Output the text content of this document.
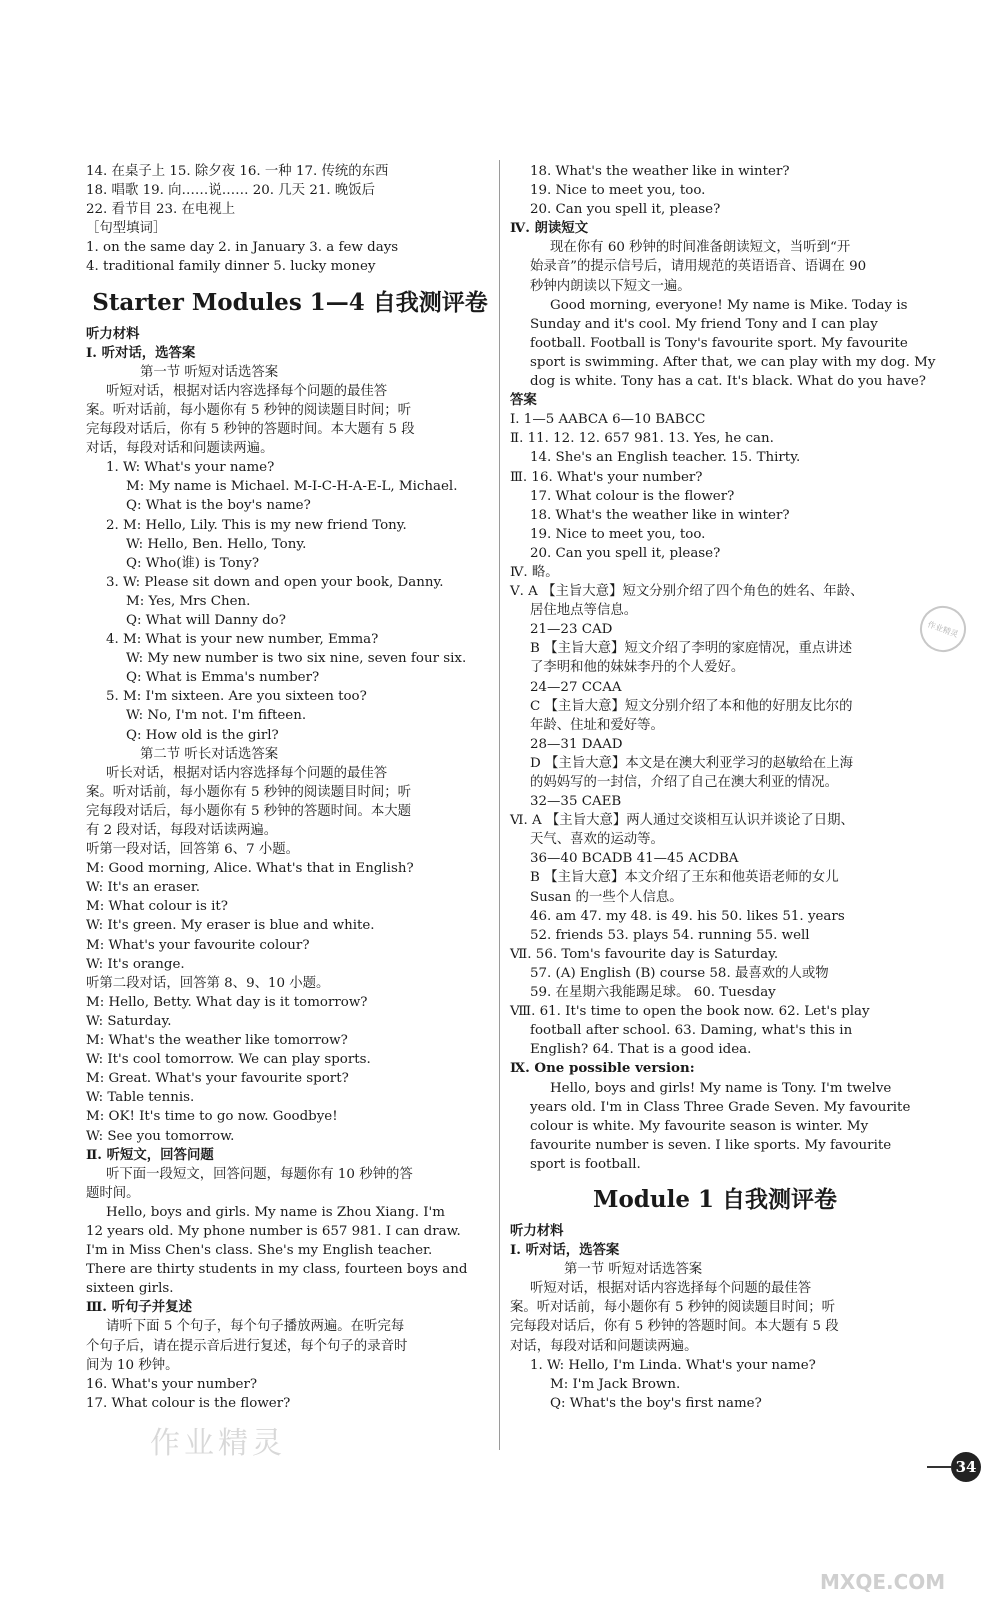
14. 在桌子上 15. 除夕夜 16. 一种 17. 传统的东西
18. 唱歌 19. 向……说…… 20. 几天 21. 晚饭后
22. 看节目 23. 在电视上
［句型填词］
1. on the same day 2. in January 3. a few days
4. traditional family dinner 5. lucky money
Starter Modules 1—4 自我测评卷
听力材料
Ⅰ. 听对话，选答案
第一节 听短对话选答案
听短对话，根据对话内容选择每个问题的最佳答
案。听对话前，每小题你有 5 秒钟的阅读题目时间；听
完每段对话后，你有 5 秒钟的答题时间。本大题有 5 段
对话，每段对话和问题读两遍。
1. W: What's your name?
M: My name is Michael. M-I-C-H-A-E-L, Michael.
Q: What is the boy's name?
2. M: Hello, Lily. This is my new friend Tony.
W: Hello, Ben. Hello, Tony.
Q: Who(谁) is Tony?
3. W: Please sit down and open your book, Danny.
M: Yes, Mrs Chen.
Q: What will Danny do?
4. M: What is your new number, Emma?
W: My new number is two six nine, seven four six.
Q: What is Emma's number?
5. M: I'm sixteen. Are you sixteen too?
W: No, I'm not. I'm fifteen.
Q: How old is the girl?
第二节 听长对话选答案
听长对话，根据对话内容选择每个问题的最佳答
案。听对话前，每小题你有 5 秒钟的阅读题目时间；听
完每段对话后，每小题你有 5 秒钟的答题时间。本大题
有 2 段对话，每段对话读两遍。
听第一段对话，回答第 6、7 小题。
M: Good morning, Alice. What's that in English?
W: It's an eraser.
M: What colour is it?
W: It's green. My eraser is blue and white.
M: What's your favourite colour?
W: It's orange.
听第二段对话，回答第 8、9、10 小题。
M: Hello, Betty. What day is it tomorrow?
W: Saturday.
M: What's the weather like tomorrow?
W: It's cool tomorrow. We can play sports.
M: Great. What's your favourite sport?
W: Table tennis.
M: OK! It's time to go now. Goodbye!
W: See you tomorrow.
Ⅱ. 听短文，回答问题
听下面一段短文，回答问题，每题你有 10 秒钟的答
题时间。
Hello, boys and girls. My name is Zhou Xiang. I'm
12 years old. My phone number is 657 981. I can draw.
I'm in Miss Chen's class. She's my English teacher.
There are thirty students in my class, fourteen boys and
sixteen girls.
Ⅲ. 听句子并复述
请听下面 5 个句子，每个句子播放两遍。在听完每
个句子后，请在提示音后进行复述，每个句子的录音时
间为 10 秒钟。
16. What's your number?
17. What colour is the flower?
18. What's the weather like in winter?
19. Nice to meet you, too.
20. Can you spell it, please?
Ⅳ. 朗读短文
现在你有 60 秒钟的时间准备朗读短文，当听到“开
始录音”的提示信号后，请用规范的英语语音、语调在 90
秒钟内朗读以下短文一遍。
Good morning, everyone! My name is Mike. Today is
Sunday and it's cool. My friend Tony and I can play
football. Football is Tony's favourite sport. My favourite
sport is swimming. After that, we can play with my dog. My
dog is white. Tony has a cat. It's black. What do you have?
答案
Ⅰ. 1—5 AABCA 6—10 BABCC
Ⅱ. 11. 12. 12. 657 981. 13. Yes, he can.
14. She's an English teacher. 15. Thirty.
Ⅲ. 16. What's your number?
17. What colour is the flower?
18. What's the weather like in winter?
19. Nice to meet you, too.
20. Can you spell it, please?
Ⅳ. 略。
Ⅴ. A 【主旨大意】短文分别介绍了四个角色的姓名、年龄、
居住地点等信息。
21—23 CAD
B 【主旨大意】短文介绍了李明的家庭情况，重点讲述
了李明和他的妹妹李丹的个人爱好。
24—27 CCAA
C 【主旨大意】短文分别介绍了本和他的好朋友比尔的
年龄、住址和爱好等。
28—31 DAAD
D 【主旨大意】本文是在澳大利亚学习的赵敏给在上海
的妈妈写的一封信，介绍了自己在澳大利亚的情况。
32—35 CAEB
Ⅵ. A 【主旨大意】两人通过交谈相互认识并谈论了日期、
天气、喜欢的运动等。
36—40 BCADB 41—45 ACDBA
B 【主旨大意】本文介绍了王东和他英语老师的女儿
Susan 的一些个人信息。
46. am 47. my 48. is 49. his 50. likes 51. years
52. friends 53. plays 54. running 55. well
Ⅶ. 56. Tom's favourite day is Saturday.
57. (A) English (B) course 58. 最喜欢的人或物
59. 在星期六我能踢足球。 60. Tuesday
Ⅷ. 61. It's time to open the book now. 62. Let's play
football after school. 63. Daming, what's this in
English? 64. That is a good idea.
Ⅸ. One possible version:
Hello, boys and girls! My name is Tony. I'm twelve
years old. I'm in Class Three Grade Seven. My favourite
colour is white. My favourite season is winter. My
favourite number is seven. I like sports. My favourite
sport is football.
Module 1 自我测评卷
听力材料
Ⅰ. 听对话，选答案
第一节 听短对话选答案
听短对话，根据对话内容选择每个问题的最佳答
案。听对话前，每小题你有 5 秒钟的阅读题目时间；听
完每段对话后，你有 5 秒钟的答题时间。本大题有 5 段
对话，每段对话和问题读两遍。
1. W: Hello, I'm Linda. What's your name?
M: I'm Jack Brown.
Q: What's the boy's first name?
作业精灵
作业精灵
MXQE.COM
34
